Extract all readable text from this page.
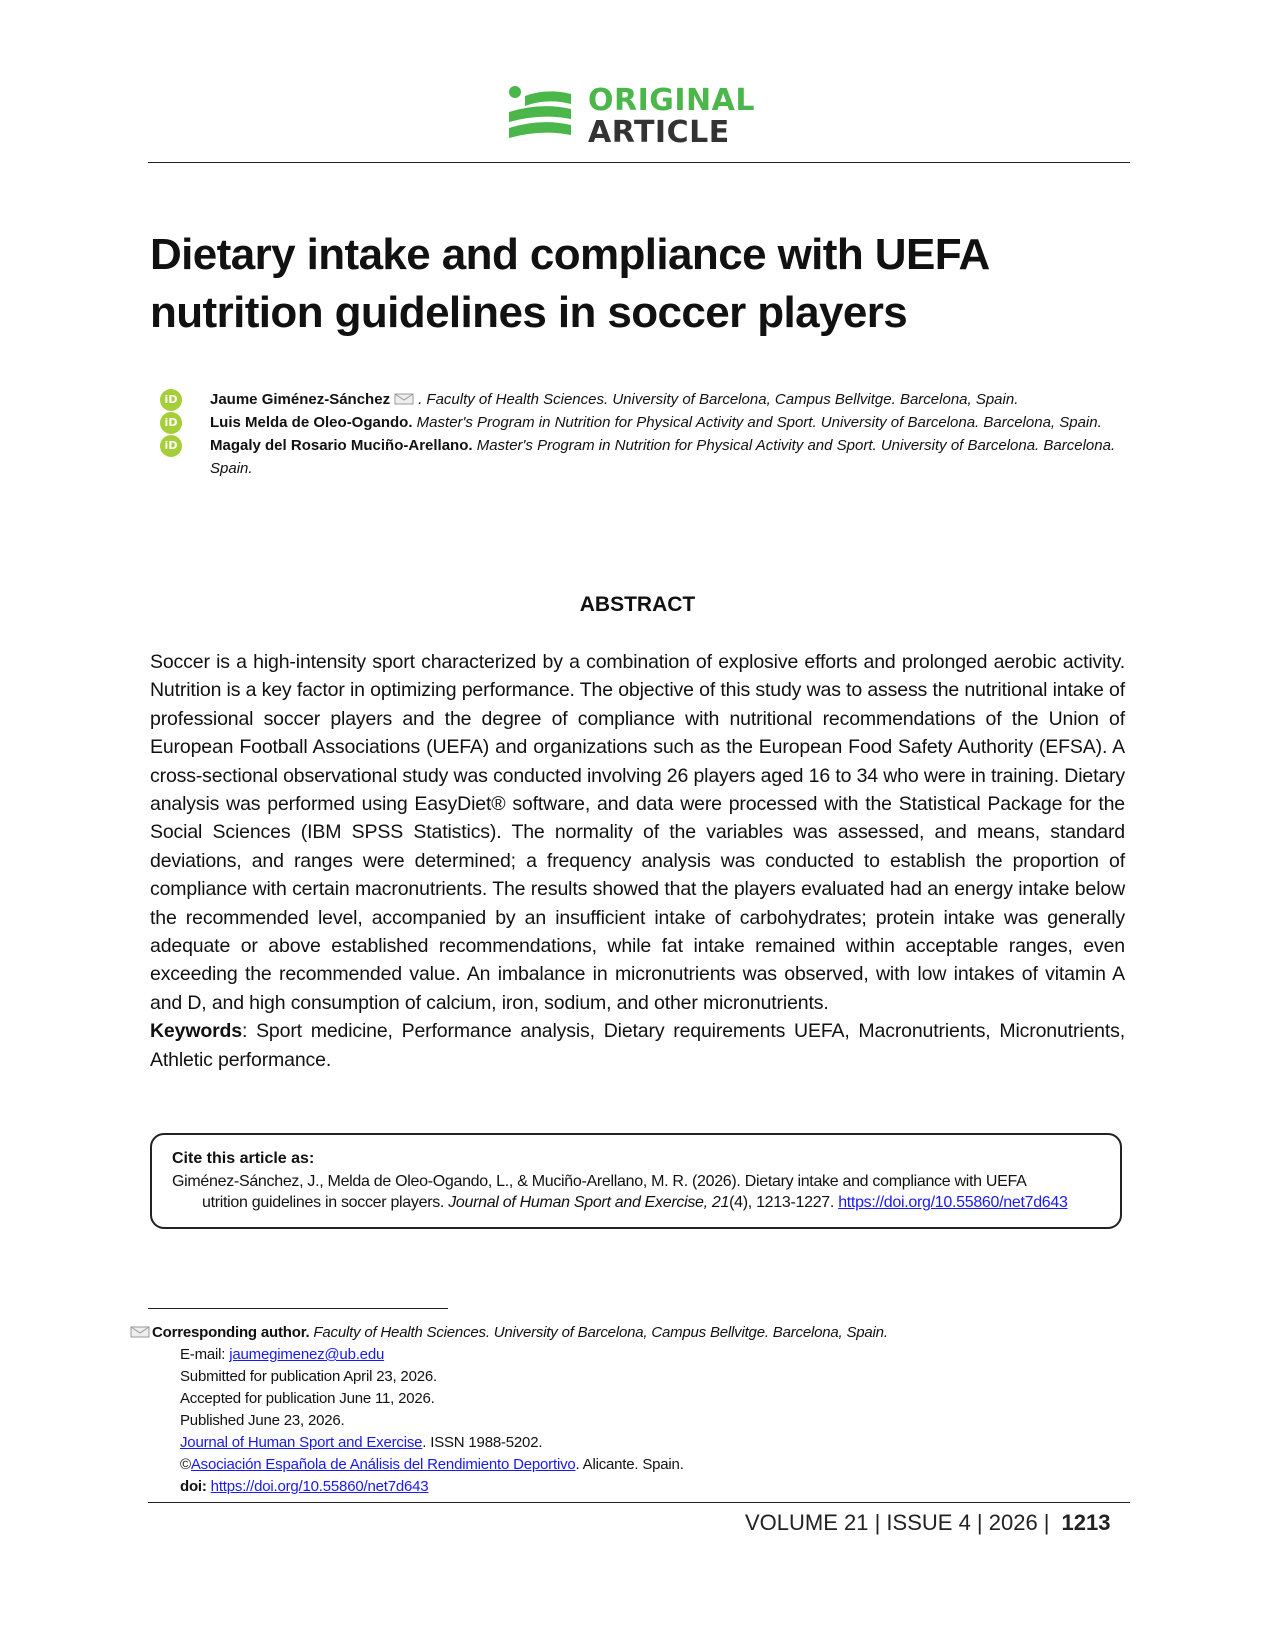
ORIGINAL
ARTICLE
Dietary intake and compliance with UEFA nutrition guidelines in soccer players
iD	Jaume Giménez-Sánchez . Faculty of Health Sciences. University of Barcelona, Campus Bellvitge. Barcelona, Spain.
iD	Luis Melda de Oleo-Ogando. Master's Program in Nutrition for Physical Activity and Sport. University of Barcelona. Barcelona, Spain.
iD	Magaly del Rosario Muciño-Arellano. Master's Program in Nutrition for Physical Activity and Sport. University of Barcelona. Barcelona. Spain.
ABSTRACT

Soccer is a high-intensity sport characterized by a combination of explosive efforts and prolonged aerobic activity. Nutrition is a key factor in optimizing performance. The objective of this study was to assess the nutritional intake of professional soccer players and the degree of compliance with nutritional recommendations of the Union of European Football Associations (UEFA) and organizations such as the European Food Safety Authority (EFSA). A cross-sectional observational study was conducted involving 26 players aged 16 to 34 who were in training. Dietary analysis was performed using EasyDiet® software, and data were processed with the Statistical Package for the Social Sciences (IBM SPSS Statistics). The normality of the variables was assessed, and means, standard deviations, and ranges were determined; a frequency analysis was conducted to establish the proportion of compliance with certain macronutrients. The results showed that the players evaluated had an energy intake below the recommended level, accompanied by an insufficient intake of carbohydrates; protein intake was generally adequate or above established recommendations, while fat intake remained within acceptable ranges, even exceeding the recommended value. An imbalance in micronutrients was observed, with low intakes of vitamin A and D, and high consumption of calcium, iron, sodium, and other micronutrients.

Keywords: Sport medicine, Performance analysis, Dietary requirements UEFA, Macronutrients, Micronutrients, Athletic performance.

Cite this article as:
Giménez-Sánchez, J., Melda de Oleo-Ogando, L., & Muciño-Arellano, M. R. (2026). Dietary intake and compliance with UEFA
utrition guidelines in soccer players. Journal of Human Sport and Exercise, 21(4), 1213-1227. https://doi.org/10.55860/net7d643
Corresponding author. Faculty of Health Sciences. University of Barcelona, Campus Bellvitge. Barcelona, Spain.
E-mail: jaumegimenez@ub.edu
Submitted for publication April 23, 2026.
Accepted for publication June 11, 2026.
Published June 23, 2026.
Journal of Human Sport and Exercise. ISSN 1988-5202.
©Asociación Española de Análisis del Rendimiento Deportivo. Alicante. Spain.
doi: https://doi.org/10.55860/net7d643
VOLUME 21 | ISSUE 4 | 2026 | 1213
